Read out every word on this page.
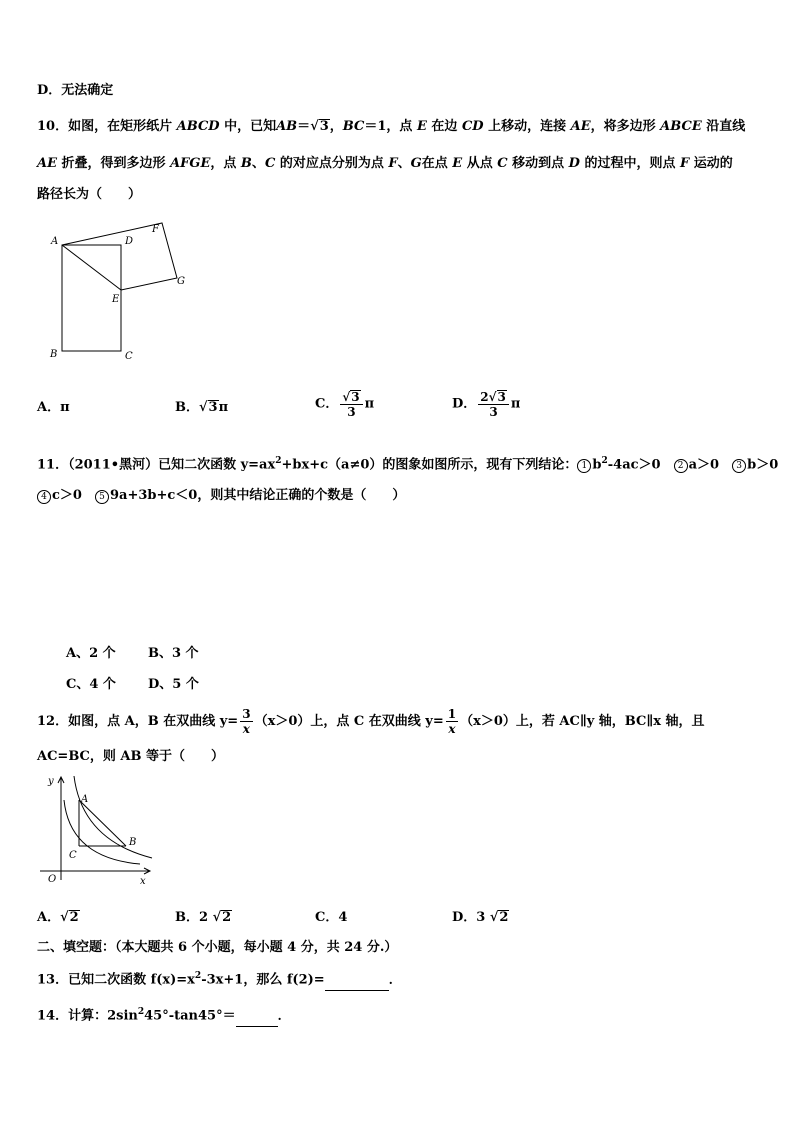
D．无法确定
10．如图，在矩形纸片 ABCD 中，已知AB＝√3，BC＝1，点 E 在边 CD 上移动，连接 AE，将多边形 ABCE 沿直线
AE 折叠，得到多边形 AFGE，点 B、C 的对应点分别为点 F、G在点 E 从点 C 移动到点 D 的过程中，则点 F 运动的
路径长为（　　）
A	D
F
E
G
B	C
A．π	B．√3π	C． $\frac{√3}{3}$ π	D． $\frac{2√3}{3}$ π
11．（2011•黑河）已知二次函数 $y=ax^2+bx+c(a\ne 0)$的图象如图所示，现有下列结论： 1 $b^2-4ac>0$　 2 a＞0　 3 b＞0
4 c＞0　 5 9a+3b+c＜0，则其中结论正确的个数是（　　）
A、2 个 B、3 个
C、4 个 D、5 个
12．如图，点 A，B 在双曲线 $y= \frac{3}{x} (x>0)$上，点 C 在双曲线 $y= \frac{1}{x} (x>0)$上，若 AC∥y 轴，BC∥x 轴，且
AC=BC，则 AB 等于（　　）
y
A
B
C
O	x
A．√2	B．2 √2	C．4	D．3 √2
二、填空题：（本大题共 6 个小题，每小题 4 分，共 24 分.）
13．已知二次函数 $f(x)=x^2-3x+1$，那么 f(2)=	．
14．计算：$2\sin^245^\circ-\tan 45^\circ=$	．
